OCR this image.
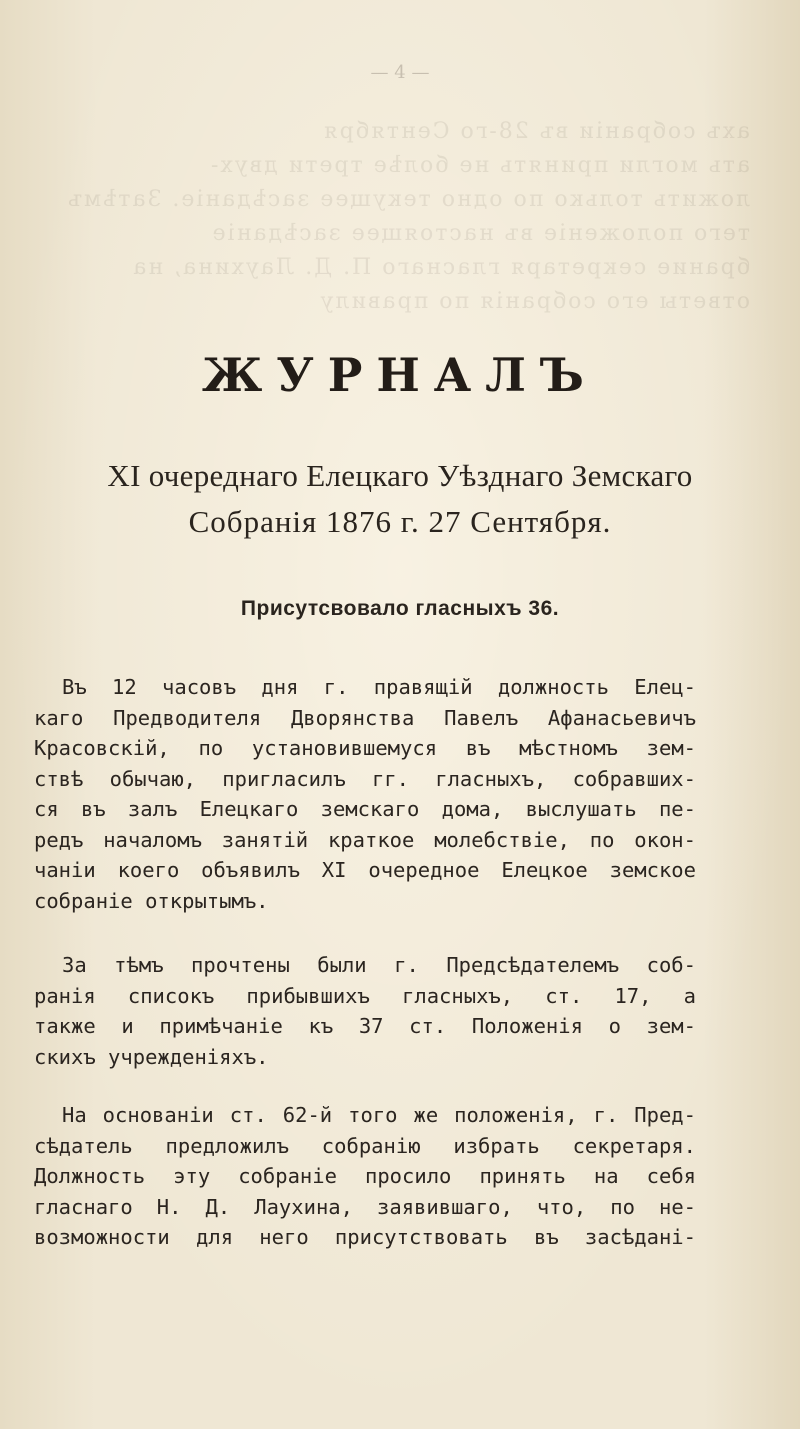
ахъ собраніи въ 28-го Сентября
ать могли принять не болѣе трети двух-
ложить только по одно текущее засѣданіе. Затѣмъ
тего положеніе въ настоящее засѣданіе
брание секретаря гласнаго П. Д. Лаухина, на
ответы его собранія по правилу
— 4 —
ЖУРНАЛЪ
XI очереднаго Елецкаго Уѣзднаго Земскаго
Собранія 1876 г. 27 Сентября.
Присутсвовало гласныхъ 36.
Въ 12 часовъ дня г. правящій должность Елец-
каго Предводителя Дворянства Павелъ Афанасьевичъ
Красовскій, по установившемуся въ мѣстномъ зем-
ствѣ обычаю, пригласилъ гг. гласныхъ, собравших-
ся въ залъ Елецкаго земскаго дома, выслушать пе-
редъ началомъ занятій краткое молебствіе, по окон-
чаніи коего объявилъ XI очередное Елецкое земское
собраніе открытымъ.
За тѣмъ прочтены были г. Предсѣдателемъ соб-
ранія списокъ прибывшихъ гласныхъ, ст. 17, а
также и примѣчаніе къ 37 ст. Положенія о зем-
скихъ учрежденіяхъ.
На основаніи ст. 62-й того же положенія, г. Пред-
сѣдатель предложилъ собранію избрать секретаря.
Должность эту собраніе просило принять на себя
гласнаго Н. Д. Лаухина, заявившаго, что, по не-
возможности для него присутствовать въ засѣдані-
